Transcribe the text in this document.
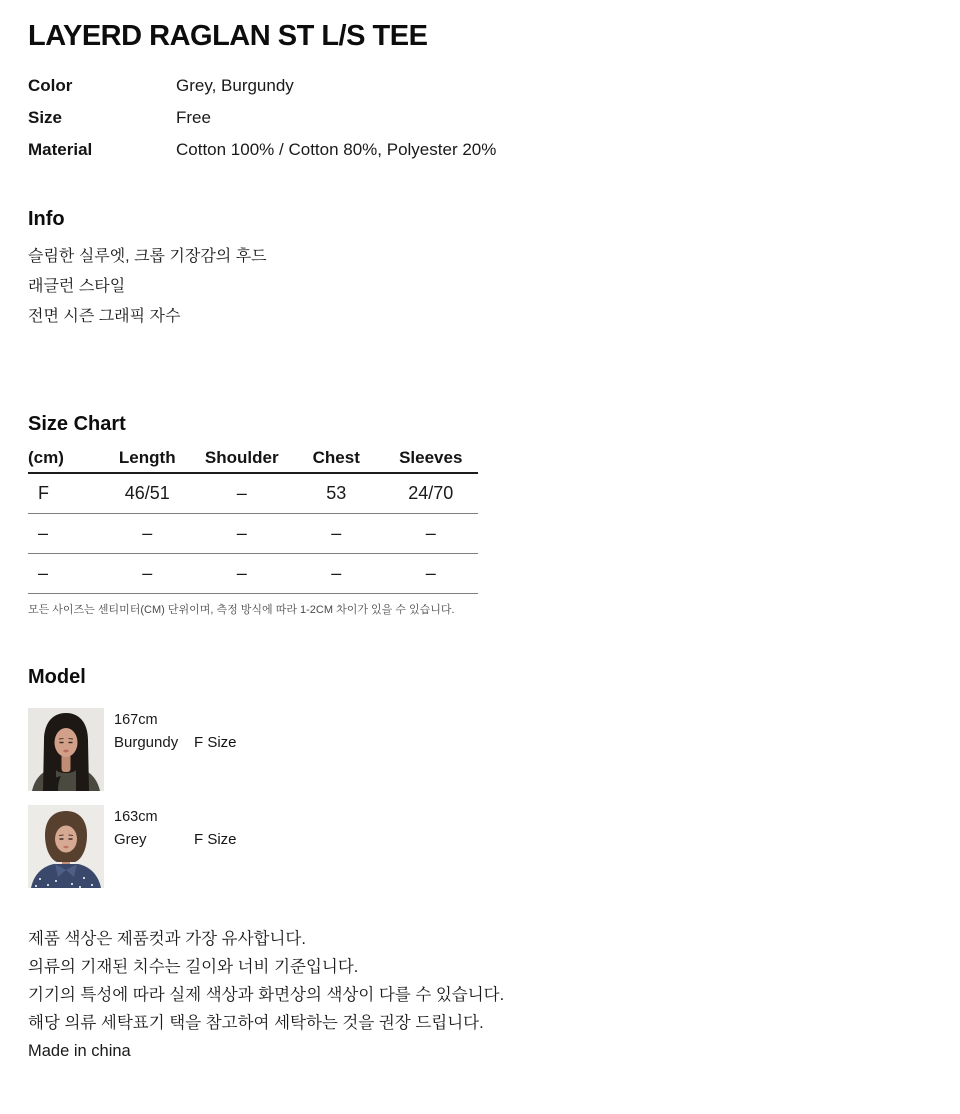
LAYERD RAGLAN ST L/S TEE
Color	Grey, Burgundy
Size	Free
Material	Cotton 100% / Cotton 80%, Polyester 20%
Info
슬림한 실루엣, 크롭 기장감의 후드
래글런 스타일
전면 시즌 그래픽 자수
Size Chart
(cm)	Length	Shoulder	Chest	Sleeves
F	46/51	–	53	24/70
–	–	–	–	–
–	–	–	–	–
모든 사이즈는 센티미터(CM) 단위이며, 측정 방식에 따라 1-2CM 차이가 있을 수 있습니다.
Model
167cm
Burgundy	F Size
163cm
Grey	F Size
제품 색상은 제품컷과 가장 유사합니다.
의류의 기재된 치수는 길이와 너비 기준입니다.
기기의 특성에 따라 실제 색상과 화면상의 색상이 다를 수 있습니다.
해당 의류 세탁표기 택을 참고하여 세탁하는 것을 권장 드립니다.
Made in china
